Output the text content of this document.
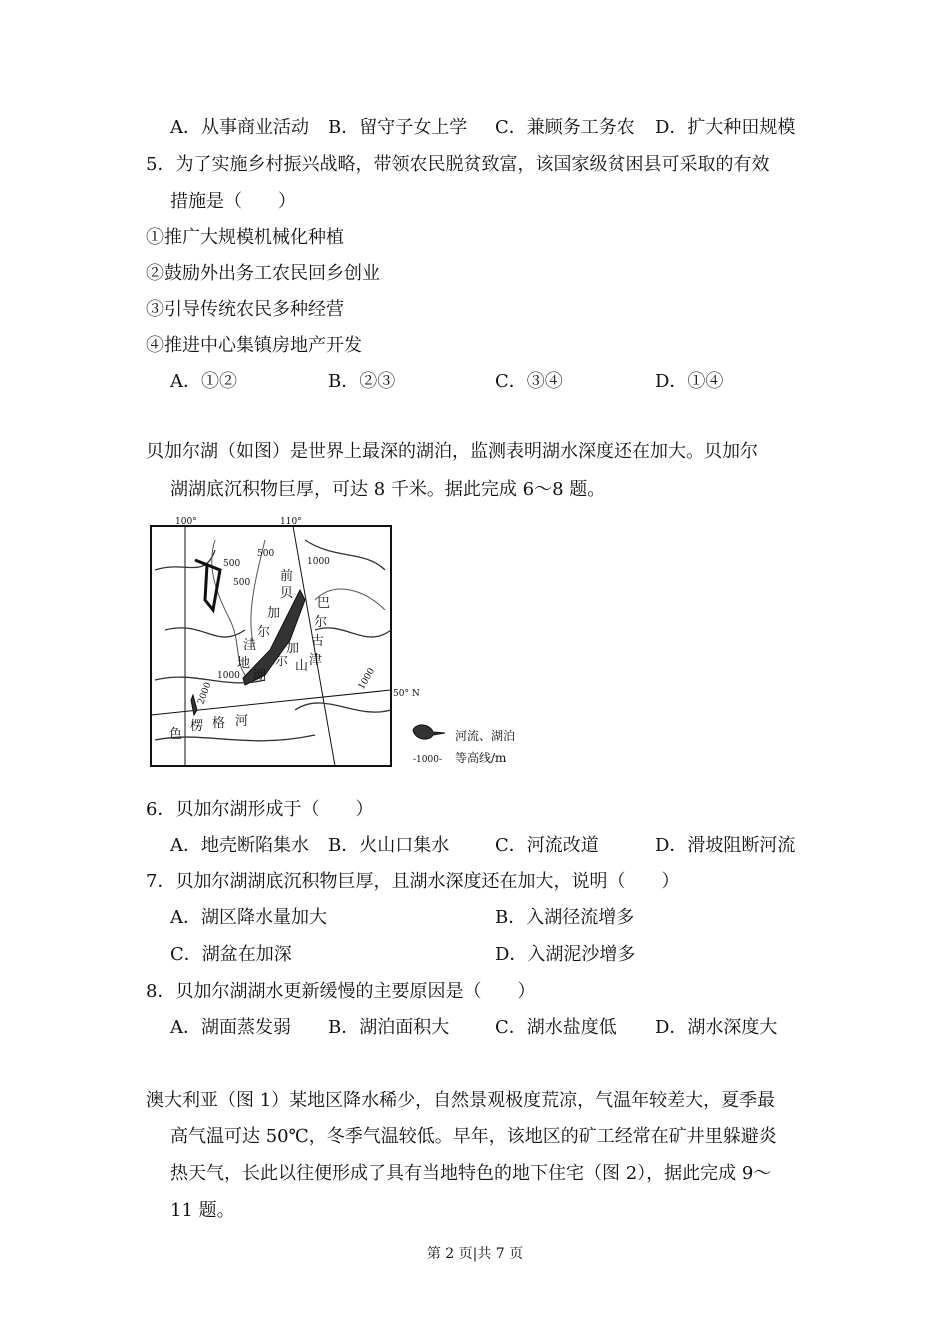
A．从事商业活动 B．留守子女上学 C．兼顾务工务农 D．扩大种田规模
5．为了实施乡村振兴战略，带领农民脱贫致富，该国家级贫困县可采取的有效
措施是（　　）
①推广大规模机械化种植
②鼓励外出务工农民回乡创业
③引导传统农民多种经营
④推进中心集镇房地产开发
A．①②	B．②③	C．③④	D．①④
贝加尔湖（如图）是世界上最深的湖泊，监测表明湖水深度还在加大。贝加尔
湖湖底沉积物巨厚，可达 8 千米。据此完成 6～8 题。
100°	110°
50° N
500
500
500
1000
1000
2000
1000
前
贝
加
尔
巴
尔
古
津
山
加
尔
洼
地
湖
色
楞 格 河
河流、湖泊
-1000- 等高线/m
6．贝加尔湖形成于（　　）
A．地壳断陷集水 B．火山口集水	C．河流改道	D．滑坡阻断河流
7．贝加尔湖湖底沉积物巨厚，且湖水深度还在加大，说明（　　）
A．湖区降水量加大	B．入湖径流增多
C．湖盆在加深	D．入湖泥沙增多
8．贝加尔湖湖水更新缓慢的主要原因是（　　）
A．湖面蒸发弱 B．湖泊面积大	C．湖水盐度低 D．湖水深度大
澳大利亚（图 1）某地区降水稀少，自然景观极度荒凉，气温年较差大，夏季最
高气温可达 50℃，冬季气温较低。早年，该地区的矿工经常在矿井里躲避炎
热天气，长此以往便形成了具有当地特色的地下住宅（图 2），据此完成 9～
11 题。
第 2 页|共 7 页
